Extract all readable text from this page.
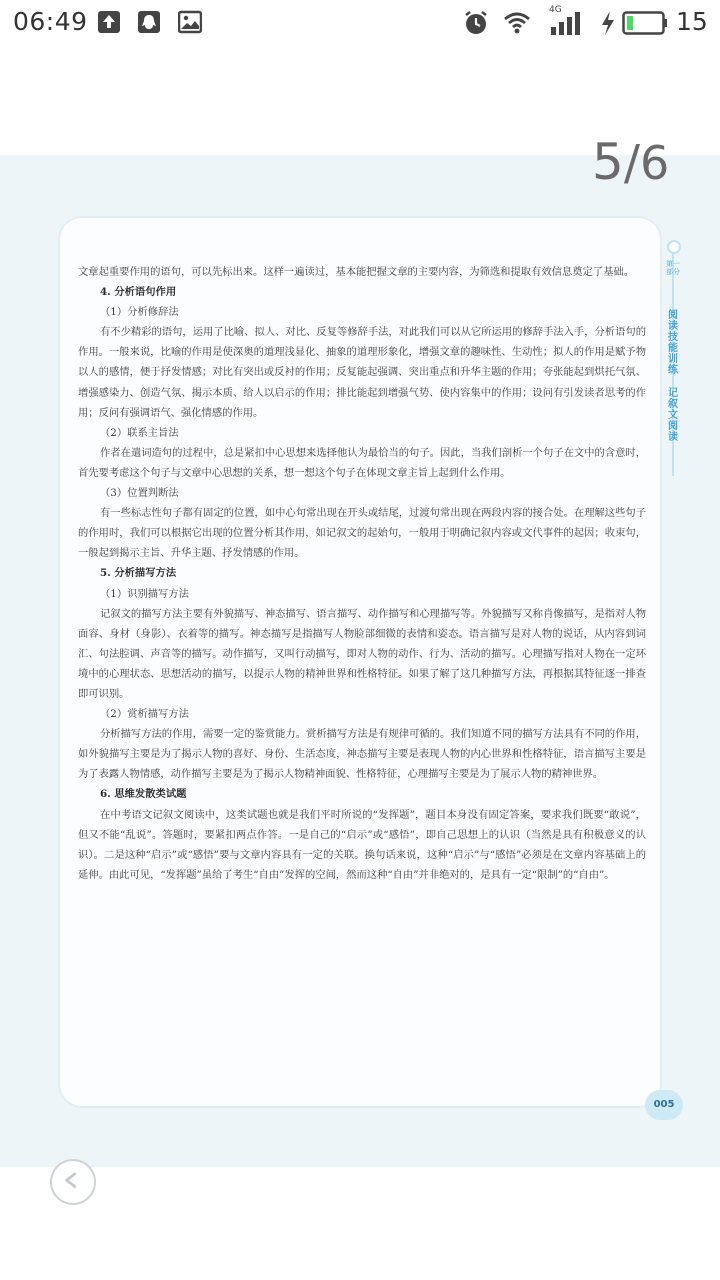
06:49	4G	15
5/6

文章起重要作用的语句，可以先标出来。这样一遍读过，基本能把握文章的主要内容，为筛选和提取有效信息奠定了基础。

4. 分析语句作用

（1）分析修辞法

有不少精彩的语句，运用了比喻、拟人、对比、反复等修辞手法，对此我们可以从它所运用的修辞手法入手，分析语句的作用。一般来说，比喻的作用是使深奥的道理浅显化、抽象的道理形象化，增强文章的趣味性、生动性；拟人的作用是赋予物以人的感情，便于抒发情感；对比有突出或反衬的作用；反复能起强调、突出重点和升华主题的作用；夸张能起到烘托气氛、增强感染力、创造气氛、揭示本质、给人以启示的作用；排比能起到增强气势、使内容集中的作用；设问有引发读者思考的作用；反问有强调语气、强化情感的作用。

（2）联系主旨法

作者在遣词造句的过程中，总是紧扣中心思想来选择他认为最恰当的句子。因此，当我们剖析一个句子在文中的含意时，首先要考虑这个句子与文章中心思想的关系，想一想这个句子在体现文章主旨上起到什么作用。

（3）位置判断法

有一些标志性句子都有固定的位置，如中心句常出现在开头或结尾，过渡句常出现在两段内容的接合处。在理解这些句子的作用时，我们可以根据它出现的位置分析其作用，如记叙文的起始句，一般用于明确记叙内容或文代事件的起因；收束句，一般起到揭示主旨、升华主题、抒发情感的作用。

5. 分析描写方法

（1）识别描写方法

记叙文的描写方法主要有外貌描写、神态描写、语言描写、动作描写和心理描写等。外貌描写又称肖像描写，是指对人物面容、身材（身影）、衣着等的描写。神态描写是指描写人物脸部细微的表情和姿态。语言描写是对人物的说话，从内容到词汇、句法腔调、声音等的描写。动作描写，又叫行动描写，即对人物的动作、行为、活动的描写。心理描写指对人物在一定环境中的心理状态、思想活动的描写，以提示人物的精神世界和性格特征。如果了解了这几种描写方法，再根据其特征逐一排查即可识别。

（2）赏析描写方法

分析描写方法的作用，需要一定的鉴赏能力。赏析描写方法是有规律可循的。我们知道不同的描写方法具有不同的作用，如外貌描写主要是为了揭示人物的喜好、身份、生活态度，神态描写主要是表现人物的内心世界和性格特征，语言描写主要是为了表露人物情感，动作描写主要是为了揭示人物精神面貌、性格特征，心理描写主要是为了展示人物的精神世界。

6. 思维发散类试题

在中考语文记叙文阅读中，这类试题也就是我们平时所说的“发挥题”，题目本身没有固定答案，要求我们既要“敢说”，但又不能“乱说”。答题时，要紧扣两点作答。一是自己的“启示”或“感悟”，即自己思想上的认识（当然是具有积极意义的认识）。二是这种“启示”或“感悟”要与文章内容具有一定的关联。换句话来说，这种“启示”与“感悟”必须是在文章内容基础上的延伸。由此可见，“发挥题”虽给了考生“自由”发挥的空间，然而这种“自由”并非绝对的，是具有一定“限制”的“自由”。

第一部分
阅读技能训练
记叙文阅读
005
